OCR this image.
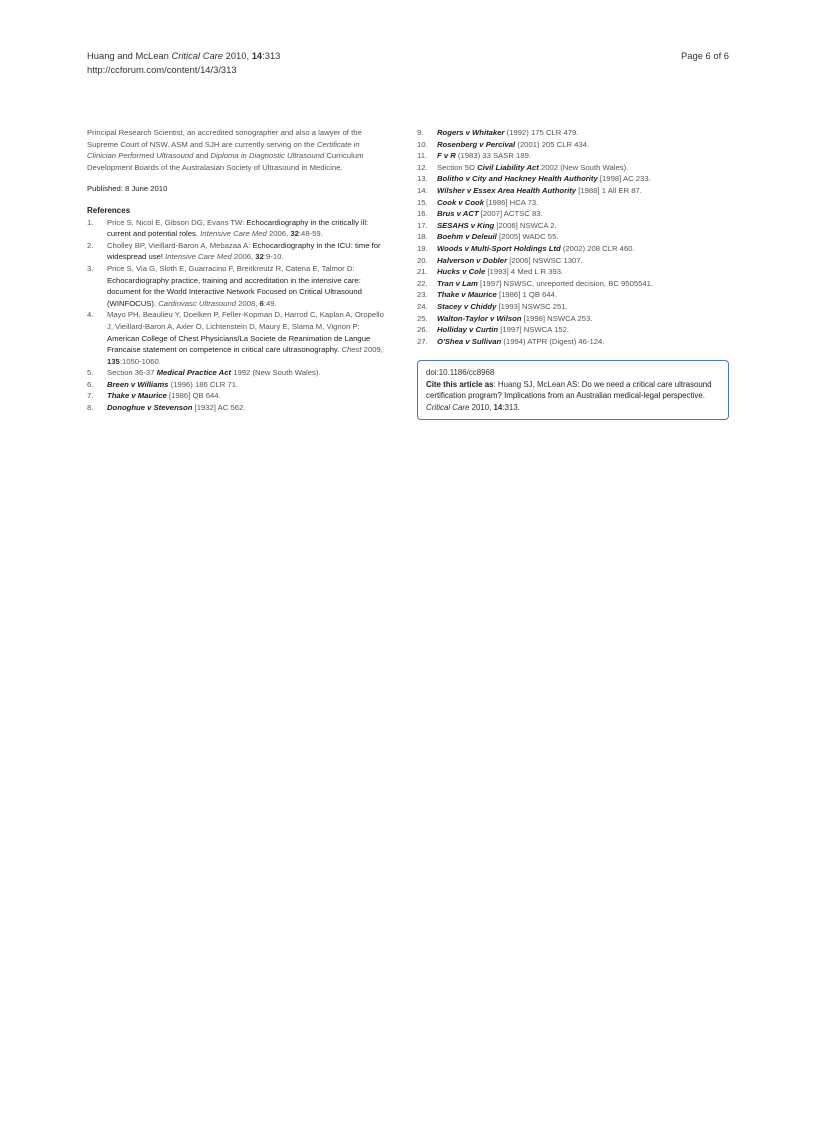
Huang and McLean Critical Care 2010, 14:313
http://ccforum.com/content/14/3/313
Page 6 of 6

Principal Research Scientist, an accredited sonographer and also a lawyer of the Supreme Court of NSW. ASM and SJH are currently serving on the Certificate in Clinician Performed Ultrasound and Diploma in Diagnostic Ultrasound Curriculum Development Boards of the Australasian Society of Ultrasound in Medicine.

Published: 8 June 2010

References

1. Price S, Nicol E, Gibson DG, Evans TW: Echocardiography in the critically ill: current and potential roles. Intensive Care Med 2006, 32:48-59.
2. Cholley BP, Vieillard-Baron A, Mebazaa A: Echocardiography in the ICU: time for widespread use! Intensive Care Med 2006, 32:9-10.
3. Price S, Via G, Sloth E, Guarracino F, Breitkreutz R, Catena E, Talmor D: Echocardiography practice, training and accreditation in the intensive care: document for the World Interactive Network Focused on Critical Ultrasound (WINFOCUS). Cardiovasc Ultrasound 2008, 6:49.
4. Mayo PH, Beaulieu Y, Doelken P, Feller-Kopman D, Harrod C, Kaplan A, Oropello J, Vieillard-Baron A, Axler O, Lichtenstein D, Maury E, Slama M, Vignon P: American College of Chest Physicians/La Societe de Reanimation de Langue Francaise statement on competence in critical care ultrasonography. Chest 2009, 135:1050-1060.
5. Section 36-37 Medical Practice Act 1992 (New South Wales).
6. Breen v Williams (1996) 186 CLR 71.
7. Thake v Maurice [1986] QB 644.
8. Donoghue v Stevenson [1932] AC 562.
9. Rogers v Whitaker (1992) 175 CLR 479.
10. Rosenberg v Percival (2001) 205 CLR 434.
11. F v R (1983) 33 SASR 189.
12. Section 5O Civil Liability Act 2002 (New South Wales).
13. Bolitho v City and Hackney Health Authority [1998] AC 233.
14. Wilsher v Essex Area Health Authority [1988] 1 All ER 87.
15. Cook v Cook [1986] HCA 73.
16. Brus v ACT [2007] ACTSC 83.
17. SESAHS v King [2006] NSWCA 2.
18. Boehm v Deleuil [2005] WADC 55.
19. Woods v Multi-Sport Holdings Ltd (2002) 208 CLR 460.
20. Halverson v Dobler [2006] NSWSC 1307.
21. Hucks v Cole [1993] 4 Med L R 393.
22. Tran v Lam [1997] NSWSC, unreported decision, BC 9505541.
23. Thake v Maurice [1986] 1 QB 644.
24. Stacey v Chiddy [1993] NSWSC 251.
25. Walton-Taylor v Wilson [1998] NSWCA 253.
26. Holliday v Curtin [1997] NSWCA 152.
27. O'Shea v Sullivan (1994) ATPR (Digest) 46-124.
doi:10.1186/cc8968
Cite this article as: Huang SJ, McLean AS: Do we need a critical care ultrasound certification program? Implications from an Australian medical-legal perspective. Critical Care 2010, 14:313.
